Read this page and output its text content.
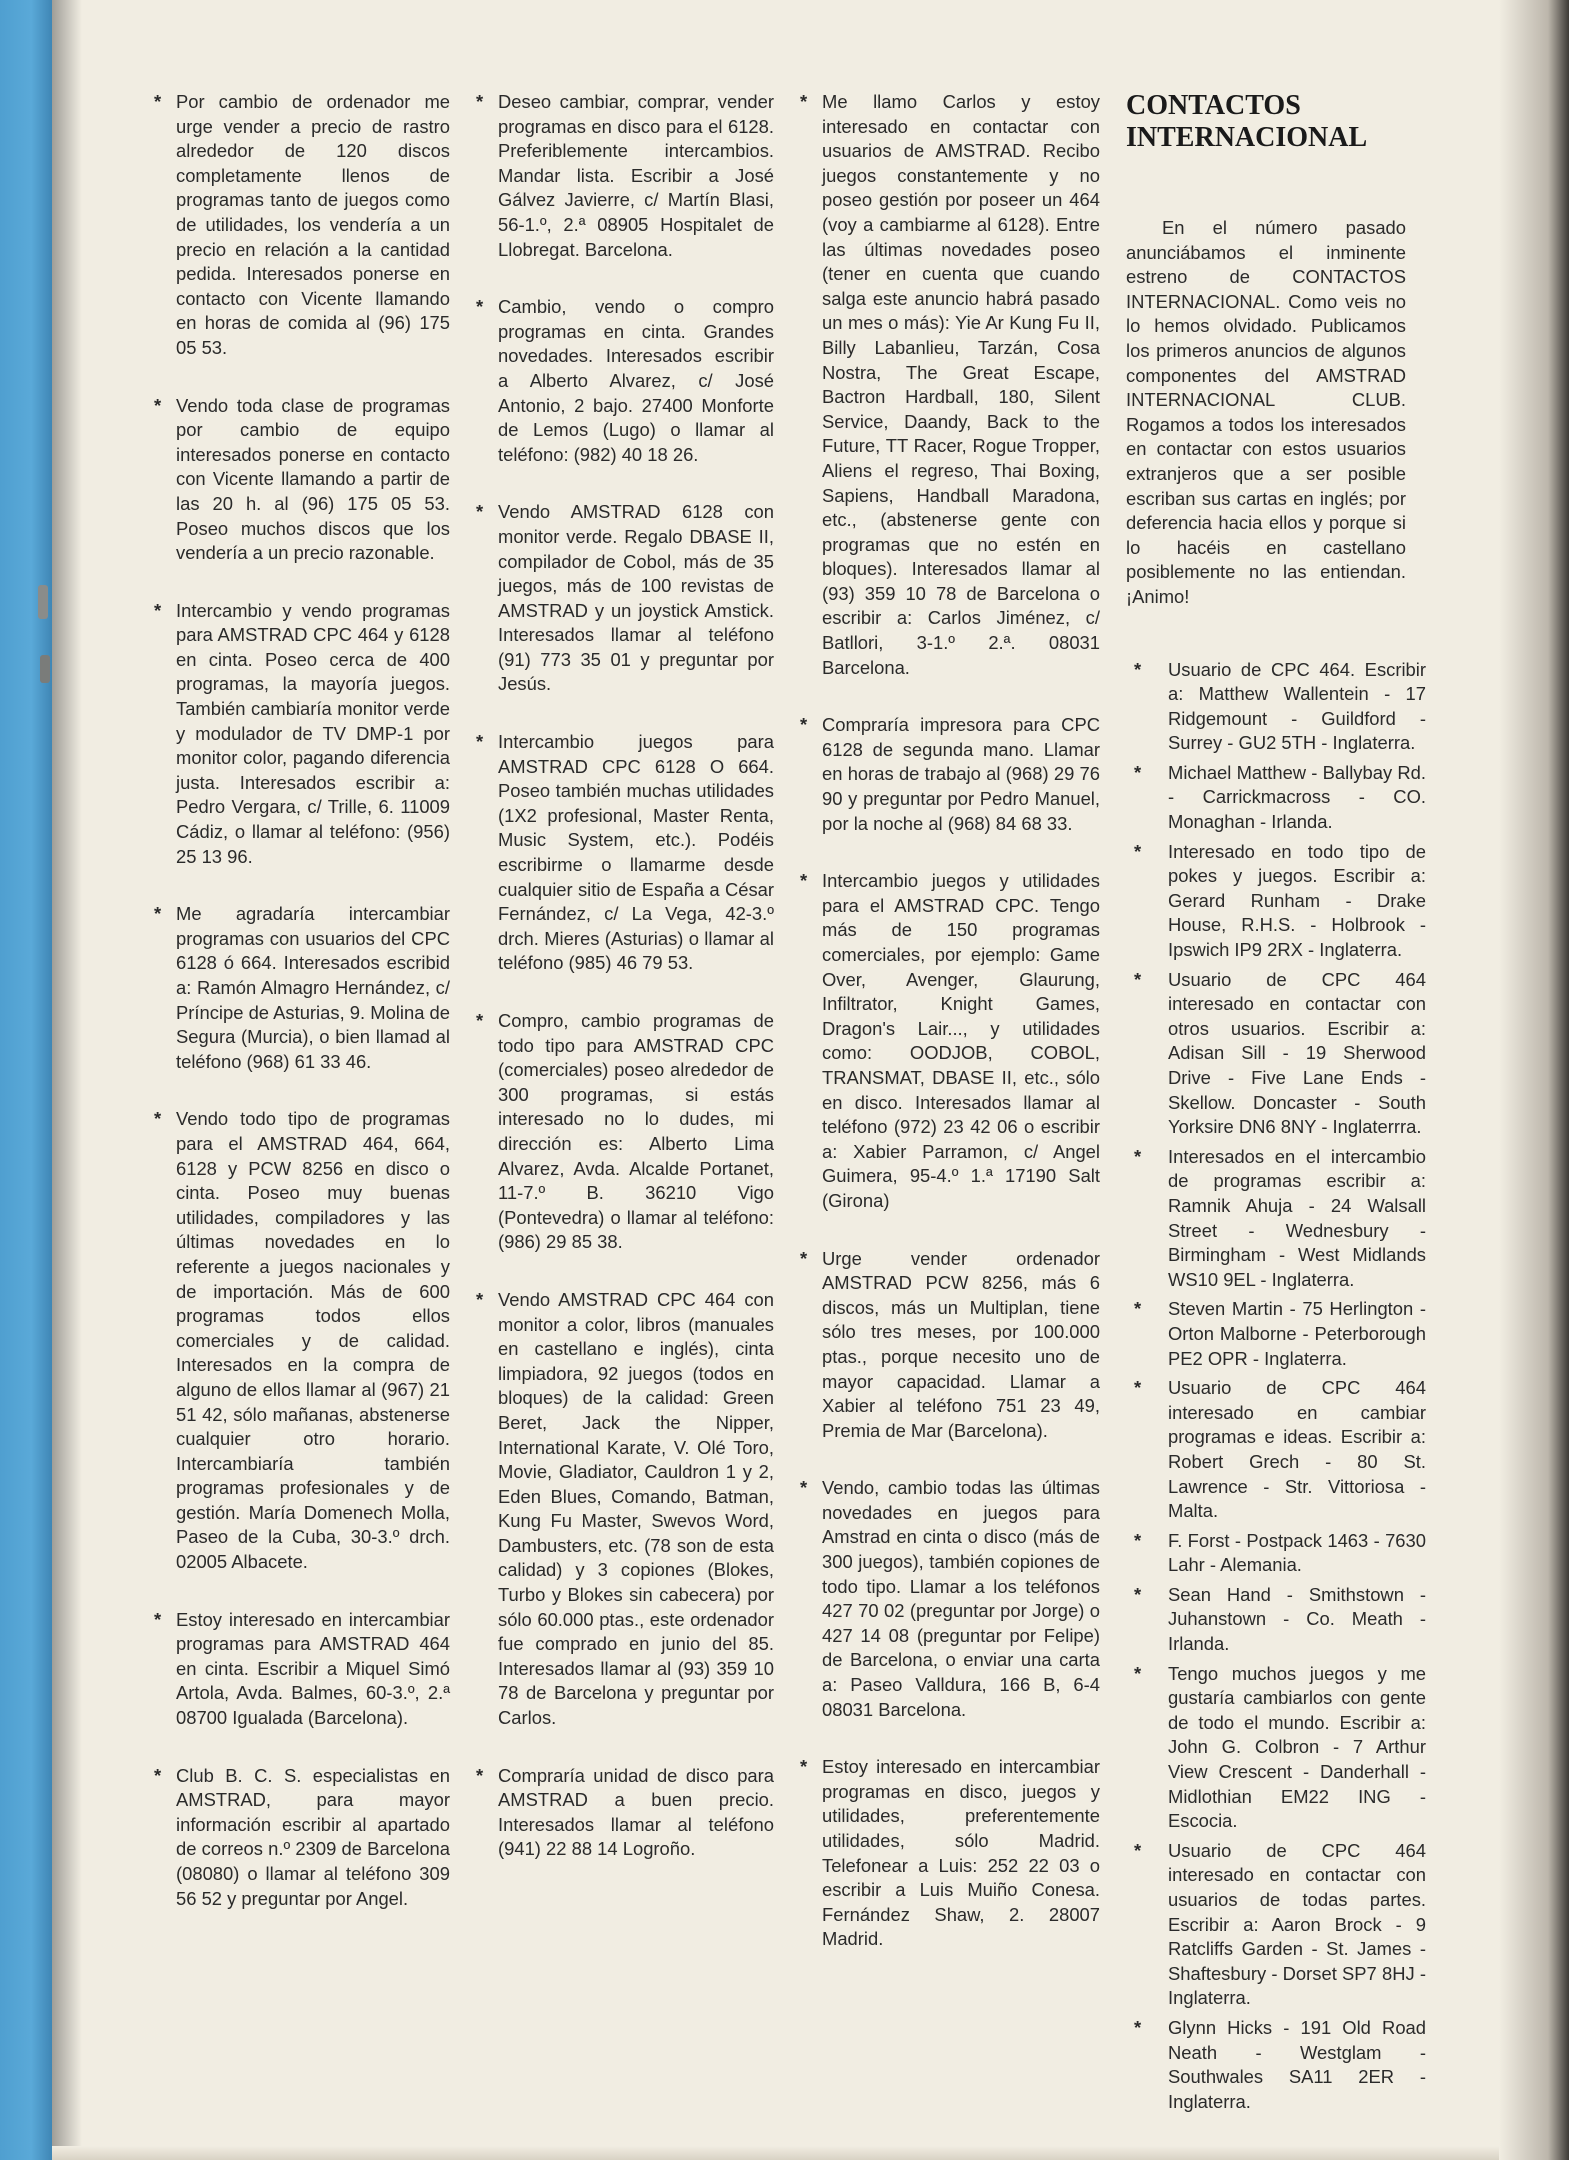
* Por cambio de ordenador me urge vender a precio de rastro alrededor de 120 discos completamente llenos de programas tanto de juegos como de utilidades, los vendería a un precio en relación a la cantidad pedida. Interesados ponerse en contacto con Vicente llamando en horas de comida al (96) 175 05 53.
* Vendo toda clase de programas por cambio de equipo interesados ponerse en contacto con Vicente llamando a partir de las 20 h. al (96) 175 05 53. Poseo muchos discos que los vendería a un precio razonable.
* Intercambio y vendo programas para AMSTRAD CPC 464 y 6128 en cinta. Poseo cerca de 400 programas, la mayoría juegos. También cambiaría monitor verde y modulador de TV DMP-1 por monitor color, pagando diferencia justa. Interesados escribir a: Pedro Vergara, c/ Trille, 6. 11009 Cádiz, o llamar al teléfono: (956) 25 13 96.
* Me agradaría intercambiar programas con usuarios del CPC 6128 ó 664. Interesados escribid a: Ramón Almagro Hernández, c/ Príncipe de Asturias, 9. Molina de Segura (Murcia), o bien llamad al teléfono (968) 61 33 46.
* Vendo todo tipo de programas para el AMSTRAD 464, 664, 6128 y PCW 8256 en disco o cinta. Poseo muy buenas utilidades, compiladores y las últimas novedades en lo referente a juegos nacionales y de importación. Más de 600 programas todos ellos comerciales y de calidad. Interesados en la compra de alguno de ellos llamar al (967) 21 51 42, sólo mañanas, abstenerse cualquier otro horario. Intercambiaría también programas profesionales y de gestión. María Domenech Molla, Paseo de la Cuba, 30-3.º drch. 02005 Albacete.
* Estoy interesado en intercambiar programas para AMSTRAD 464 en cinta. Escribir a Miquel Simó Artola, Avda. Balmes, 60-3.º, 2.ª 08700 Igualada (Barcelona).
* Club B. C. S. especialistas en AMSTRAD, para mayor información escribir al apartado de correos n.º 2309 de Barcelona (08080) o llamar al teléfono 309 56 52 y preguntar por Angel.
* Deseo cambiar, comprar, vender programas en disco para el 6128. Preferiblemente intercambios. Mandar lista. Escribir a José Gálvez Javierre, c/ Martín Blasi, 56-1.º, 2.ª 08905 Hospitalet de Llobregat. Barcelona.
* Cambio, vendo o compro programas en cinta. Grandes novedades. Interesados escribir a Alberto Alvarez, c/ José Antonio, 2 bajo. 27400 Monforte de Lemos (Lugo) o llamar al teléfono: (982) 40 18 26.
* Vendo AMSTRAD 6128 con monitor verde. Regalo DBASE II, compilador de Cobol, más de 35 juegos, más de 100 revistas de AMSTRAD y un joystick Amstick. Interesados llamar al teléfono (91) 773 35 01 y preguntar por Jesús.
* Intercambio juegos para AMSTRAD CPC 6128 O 664. Poseo también muchas utilidades (1X2 profesional, Master Renta, Music System, etc.). Podéis escribirme o llamarme desde cualquier sitio de España a César Fernández, c/ La Vega, 42-3.º drch. Mieres (Asturias) o llamar al teléfono (985) 46 79 53.
* Compro, cambio programas de todo tipo para AMSTRAD CPC (comerciales) poseo alrededor de 300 programas, si estás interesado no lo dudes, mi dirección es: Alberto Lima Alvarez, Avda. Alcalde Portanet, 11-7.º B. 36210 Vigo (Pontevedra) o llamar al teléfono: (986) 29 85 38.
* Vendo AMSTRAD CPC 464 con monitor a color, libros (manuales en castellano e inglés), cinta limpiadora, 92 juegos (todos en bloques) de la calidad: Green Beret, Jack the Nipper, International Karate, V. Olé Toro, Movie, Gladiator, Cauldron 1 y 2, Eden Blues, Comando, Batman, Kung Fu Master, Swevos Word, Dambusters, etc. (78 son de esta calidad) y 3 copiones (Blokes, Turbo y Blokes sin cabecera) por sólo 60.000 ptas., este ordenador fue comprado en junio del 85. Interesados llamar al (93) 359 10 78 de Barcelona y preguntar por Carlos.
* Compraría unidad de disco para AMSTRAD a buen precio. Interesados llamar al teléfono (941) 22 88 14 Logroño.
* Me llamo Carlos y estoy interesado en contactar con usuarios de AMSTRAD. Recibo juegos constantemente y no poseo gestión por poseer un 464 (voy a cambiarme al 6128). Entre las últimas novedades poseo (tener en cuenta que cuando salga este anuncio habrá pasado un mes o más): Yie Ar Kung Fu II, Billy Labanlieu, Tarzán, Cosa Nostra, The Great Escape, Bactron Hardball, 180, Silent Service, Daandy, Back to the Future, TT Racer, Rogue Tropper, Aliens el regreso, Thai Boxing, Sapiens, Handball Maradona, etc., (abstenerse gente con programas que no estén en bloques). Interesados llamar al (93) 359 10 78 de Barcelona o escribir a: Carlos Jiménez, c/ Batllori, 3-1.º 2.ª. 08031 Barcelona.
* Compraría impresora para CPC 6128 de segunda mano. Llamar en horas de trabajo al (968) 29 76 90 y preguntar por Pedro Manuel, por la noche al (968) 84 68 33.
* Intercambio juegos y utilidades para el AMSTRAD CPC. Tengo más de 150 programas comerciales, por ejemplo: Game Over, Avenger, Glaurung, Infiltrator, Knight Games, Dragon's Lair..., y utilidades como: OODJOB, COBOL, TRANSMAT, DBASE II, etc., sólo en disco. Interesados llamar al teléfono (972) 23 42 06 o escribir a: Xabier Parramon, c/ Angel Guimera, 95-4.º 1.ª 17190 Salt (Girona)
* Urge vender ordenador AMSTRAD PCW 8256, más 6 discos, más un Multiplan, tiene sólo tres meses, por 100.000 ptas., porque necesito uno de mayor capacidad. Llamar a Xabier al teléfono 751 23 49, Premia de Mar (Barcelona).
* Vendo, cambio todas las últimas novedades en juegos para Amstrad en cinta o disco (más de 300 juegos), también copiones de todo tipo. Llamar a los teléfonos 427 70 02 (preguntar por Jorge) o 427 14 08 (preguntar por Felipe) de Barcelona, o enviar una carta a: Paseo Valldura, 166 B, 6-4 08031 Barcelona.
* Estoy interesado en intercambiar programas en disco, juegos y utilidades, preferentemente utilidades, sólo Madrid. Telefonear a Luis: 252 22 03 o escribir a Luis Muiño Conesa. Fernández Shaw, 2. 28007 Madrid.
CONTACTOS INTERNACIONAL

En el número pasado anunciábamos el inminente estreno de CONTACTOS INTERNACIONAL. Como veis no lo hemos olvidado. Publicamos los primeros anuncios de algunos componentes del AMSTRAD INTERNACIONAL CLUB. Rogamos a todos los interesados en contactar con estos usuarios extranjeros que a ser posible escriban sus cartas en inglés; por deferencia hacia ellos y porque si lo hacéis en castellano posiblemente no las entiendan. ¡Animo!

* Usuario de CPC 464. Escribir a: Matthew Wallentein - 17 Ridgemount - Guildford - Surrey - GU2 5TH - Inglaterra.
* Michael Matthew - Ballybay Rd. - Carrickmacross - CO. Monaghan - Irlanda.
* Interesado en todo tipo de pokes y juegos. Escribir a: Gerard Runham - Drake House, R.H.S. - Holbrook - Ipswich IP9 2RX - Inglaterra.
* Usuario de CPC 464 interesado en contactar con otros usuarios. Escribir a: Adisan Sill - 19 Sherwood Drive - Five Lane Ends - Skellow. Doncaster - South Yorksire DN6 8NY - Inglaterrra.
* Interesados en el intercambio de programas escribir a: Ramnik Ahuja - 24 Walsall Street - Wednesbury - Birmingham - West Midlands WS10 9EL - Inglaterra.
* Steven Martin - 75 Herlington - Orton Malborne - Peterborough PE2 OPR - Inglaterra.
* Usuario de CPC 464 interesado en cambiar programas e ideas. Escribir a: Robert Grech - 80 St. Lawrence - Str. Vittoriosa - Malta.
* F. Forst - Postpack 1463 - 7630 Lahr - Alemania.
* Sean Hand - Smithstown - Juhanstown - Co. Meath - Irlanda.
* Tengo muchos juegos y me gustaría cambiarlos con gente de todo el mundo. Escribir a: John G. Colbron - 7 Arthur View Crescent - Danderhall - Midlothian EM22 ING - Escocia.
* Usuario de CPC 464 interesado en contactar con usuarios de todas partes. Escribir a: Aaron Brock - 9 Ratcliffs Garden - St. James - Shaftesbury - Dorset SP7 8HJ - Inglaterra.
* Glynn Hicks - 191 Old Road Neath - Westglam - Southwales SA11 2ER - Inglaterra.
